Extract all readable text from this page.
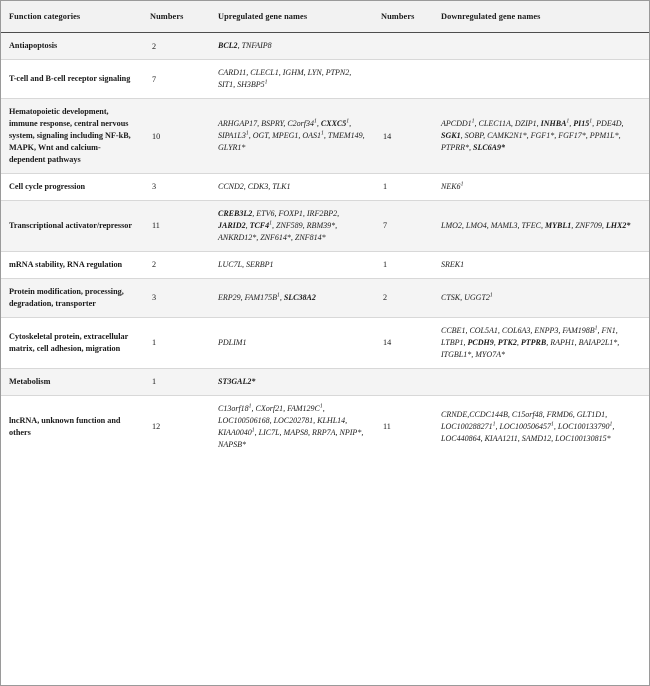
Function categories	Numbers	Upregulated gene names	Numbers	Downregulated gene names
Antiapoptosis	2	BCL2, TNFAIP8		
T-cell and B-cell receptor signaling	7	CARD11, CLECL1, IGHM, LYN, PTPN2, SIT1, $SH3BP5^1$		
Hematopoietic development, immune response, central nervous system, signaling including NF-kB, MAPK, Wnt and calcium-dependent pathways	10	ARHGAP17, BSPRY, $C2orf34^1$, $CXXC5^1$, $SIPA1L3^1$, OGT, MPEG1, $OAS1^1$, TMEM149, GLYR1*	14	$APCDD1^1$, CLEC11A, DZIP1, INHBA$^1$, $PI15^1$, PDE4D, SGK1, SOBP, CAMK2N1*, FGF1*, FGF17*, PPM1L*, PTPRR*, SLC6A9*
Cell cycle progression	3	CCND2, CDK3, TLK1	1	$NEK6^1$
Transcriptional activator/repressor	11	CREB3L2, ETV6, FOXP1, IRF2BP2, JARID2, $TCF4^1$, ZNF589, RBM39*, ANKRD12*, ZNF614*, ZNF814*	7	LMO2, LMO4, MAML3, TFEC, MYBL1, ZNF709, LHX2*
mRNA stability, RNA regulation	2	LUC7L, SERBP1	1	SREK1
Protein modification, processing, degradation, transporter	3	ERP29, $FAM175B^1$, SLC38A2	2	CTSK, $UGGT2^1$
Cytoskeletal protein, extracellular matrix, cell adhesion, migration	1	PDLIM1	14	CCBE1, COL5A1, COL6A3, ENPP3, $FAM198B^1$, FN1, LTBP1, PCDH9, PTK2, PTPRB, RAPH1, BAIAP2L1*, ITGBL1*, MYO7A*
Metabolism	1	ST3GAL2*		
lncRNA, unknown function and others	12	$C13orf18^1$, CXorf21, $FAM129C^1$, LOC100506168, LOC202781, KLHL14, KIAA0040$^1$, LIC7L, MAPS8, RRP7A, NPIP*, NAPSB*	11	CRNDE,CCDC144B, C15orf48, FRMD6, GLT1D1, LOC100288271$^1$, LOC100506457$^1$, LOC100133790$^1$, LOC440864, KIAA1211, SAMD12, LOC100130815*
